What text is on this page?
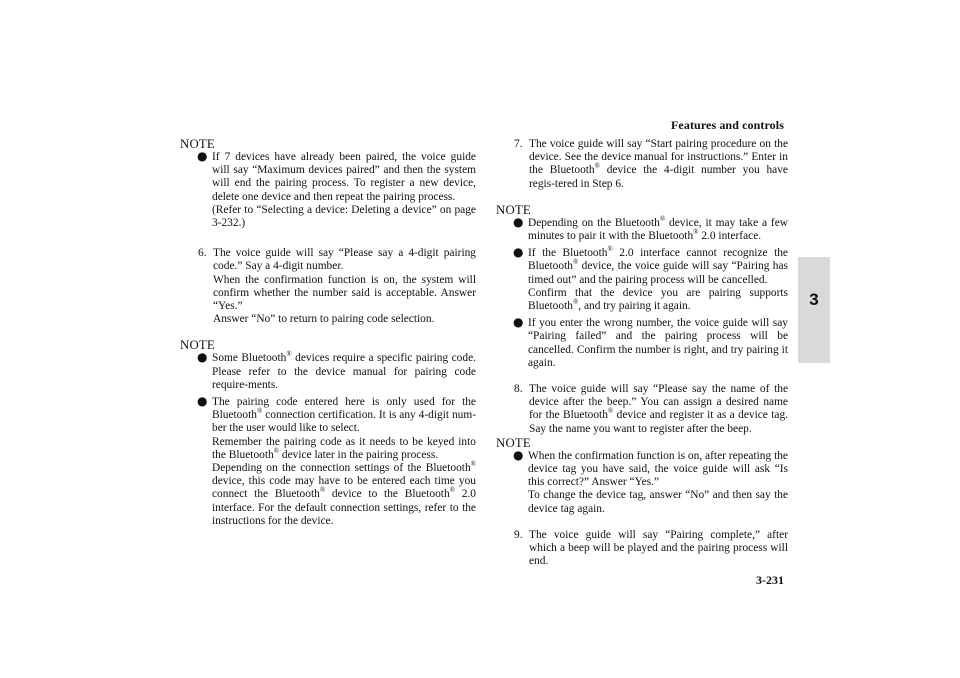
Features and controls
3-231
3

NOTE

● If 7 devices have already been paired, the voice guide will say “Maximum devices paired” and then the system will end the pairing process. To register a new device, delete one device and then repeat the pairing process.

(Refer to “Selecting a device: Deleting a device” on page 3-232.)

6. The voice guide will say “Please say a 4-digit pairing code.” Say a 4-digit number.

When the confirmation function is on, the system will confirm whether the number said is acceptable. Answer “Yes.”

Answer “No” to return to pairing code selection.

NOTE

● Some Bluetooth® devices require a specific pairing code. Please refer to the device manual for pairing code require-ments.

● The pairing code entered here is only used for the Bluetooth® connection certification. It is any 4-digit num-ber the user would like to select.

Remember the pairing code as it needs to be keyed into the Bluetooth® device later in the pairing process.

Depending on the connection settings of the Bluetooth® device, this code may have to be entered each time you connect the Bluetooth® device to the Bluetooth® 2.0 interface. For the default connection settings, refer to the instructions for the device.

7. The voice guide will say “Start pairing procedure on the device. See the device manual for instructions.” Enter in the Bluetooth® device the 4-digit number you have regis-tered in Step 6.

NOTE

● Depending on the Bluetooth® device, it may take a few minutes to pair it with the Bluetooth® 2.0 interface.

● If the Bluetooth® 2.0 interface cannot recognize the Bluetooth® device, the voice guide will say “Pairing has timed out” and the pairing process will be cancelled.

Confirm that the device you are pairing supports Bluetooth®, and try pairing it again.

● If you enter the wrong number, the voice guide will say “Pairing failed” and the pairing process will be cancelled. Confirm the number is right, and try pairing it again.

8. The voice guide will say “Please say the name of the device after the beep.” You can assign a desired name for the Bluetooth® device and register it as a device tag. Say the name you want to register after the beep.

NOTE

● When the confirmation function is on, after repeating the device tag you have said, the voice guide will ask “Is this correct?” Answer “Yes.”

To change the device tag, answer “No” and then say the device tag again.

9. The voice guide will say “Pairing complete,” after which a beep will be played and the pairing process will end.
